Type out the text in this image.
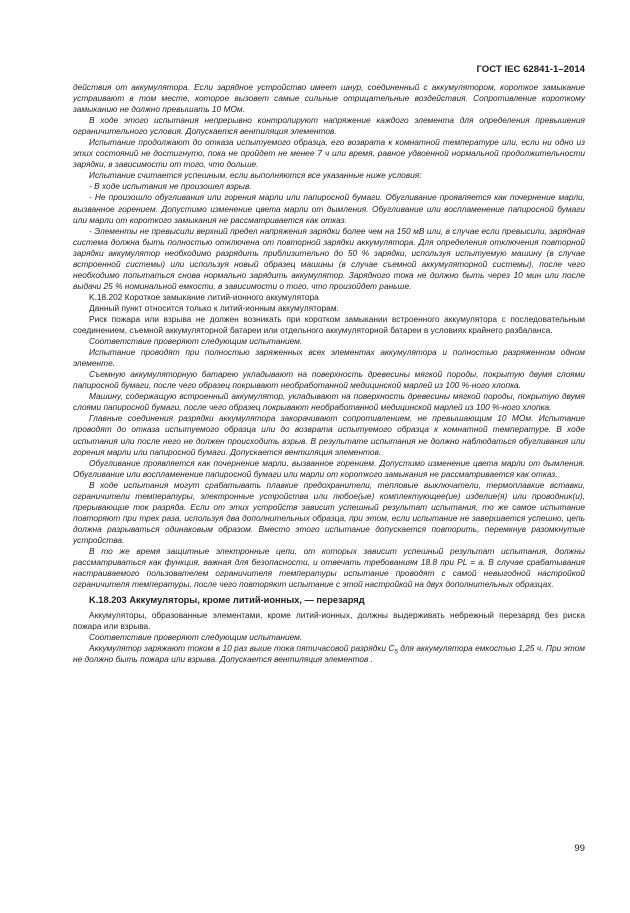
ГОСТ IEC 62841-1–2014

действия от аккумулятора. Если зарядное устройство имеет шнур, соединенный с аккумулятором, короткое замыкание устраивают в том месте, которое вызовет самые сильные отрицательные воздействия. Сопротивление короткому замыканию не должно превышать 10 МОм.

В ходе этого испытания непрерывно контролируют напряжение каждого элемента для определения превышения ограничительного условия. Допускается вентиляция элементов.

Испытание продолжают до отказа испытуемого образца, его возврата к комнатной температуре или, если ни одно из этих состояний не достигнуто, пока не пройдет не менее 7 ч или время, равное удвоенной нормальной продолжительности зарядки, в зависимости от того, что дольше.

Испытание считается успешным, если выполняются все указанные ниже условия:

- В ходе испытания не произошел взрыв.

- Не произошло обугливания или горения марли или папиросной бумаги. Обугливание проявляется как почернение марли, вызванное горением. Допустимо изменение цвета марли от дымления. Обугливание или воспламенение папиросной бумаги или марли от короткого замыкания не рассматривается как отказ.

- Элементы не превысили верхний предел напряжения зарядки более чем на 150 мВ или, в случае если превысили, зарядная система должна быть полностью отключена от повторной зарядки аккумулятора. Для определения отключения повторной зарядки аккумулятор необходимо разрядить приблизительно до 50 % зарядки, используя испытуемую машину (в случае встроенной системы) или используя новый образец машины (в случае съемной аккумуляторной системы), после чего необходимо попытаться снова нормально зарядить аккумулятор. Зарядного тока не должно быть через 10 мин или после выдачи 25 % номинальной емкости, в зависимости о того, что произойдет раньше.

K.18.202 Короткое замыкание литий-ионного аккумулятора

Данный пункт относится только к литий-ионным аккумуляторам.

Риск пожара или взрыва не должен возникать при коротком замыкании встроенного аккумулятора с последовательным соединением, съемной аккумуляторной батареи или отдельного аккумуляторной батареи в условиях крайнего разбаланса.

Соответствие проверяют следующим испытанием.

Испытание проводят при полностью заряженных всех элементах аккумулятора и полностью разряженном одном элементе.

Съемную аккумуляторную батарею укладывают на поверхность древесины мягкой породы, покрытую двумя слоями папиросной бумаги, после чего образец покрывают необработанной медицинской марлей из 100 %-ного хлопка.

Машину, содержащую встроенный аккумулятор, укладывают на поверхность древесины мягкой породы, покрытую двумя слоями папиросной бумаги, после чего образец покрывают необработанной медицинской марлей из 100 %-ного хлопка.

Главные соединения разрядки аккумулятора закорачивают сопротивлением, не превышающим 10 МОм. Испытание проводят до отказа испытуемого образца или до возврата испытуемого образца к комнатной температуре. В ходе испытания или после него не должен происходить взрыв. В результате испытания не должно наблюдаться обугливания или горения марли или папиросной бумаги. Допускается вентиляция элементов.

Обугливание проявляется как почернение марли, вызванное горением. Допустимо изменение цвета марли от дымления. Обугливание или воспламенение папиросной бумаги или марли от короткого замыкания не рассматривается как отказ.

В ходе испытания могут срабатывать плавкие предохранители, тепловые выключатели, термоплавкие вставки, ограничители температуры, электронные устройства или любое(ые) комплектующее(ие) изделие(я) или проводник(и), прерывающие ток разряда. Если от этих устройств зависит успешный результат испытания, то же самое испытание повторяют при трех раза, используя два дополнительных образца, при этом, если испытание не завершается успешно, цепь должна разрываться одинаковым образом. Вместо этого испытание допускается повторить, перемкнув разомкнутые устройства.

В то же время защитные электронные цепи, от которых зависит успешный результат испытания, должны рассматриваться как функция, важная для безопасности, и отвечать требованиям 18.8 при PL = a. В случае срабатывания настраиваемого пользователем ограничителя температуры испытание проводят с самой невыгодной настройкой ограничителя температуры, после чего повторяют испытание с этой настройкой на двух дополнительных образцах.

K.18.203 Аккумуляторы, кроме литий-ионных, — перезаряд

Аккумуляторы, образованные элементами, кроме литий-ионных, должны выдерживать небрежный перезаряд без риска пожара или взрыва.

Соответствие проверяют следующим испытанием.

Аккумулятор заряжают током в 10 раз выше тока пятичасовой разрядки $C_5$ для аккумулятора емкостью 1,25 ч. При этом не должно быть пожара или взрыва. Допускается вентиляция элементов .

99
